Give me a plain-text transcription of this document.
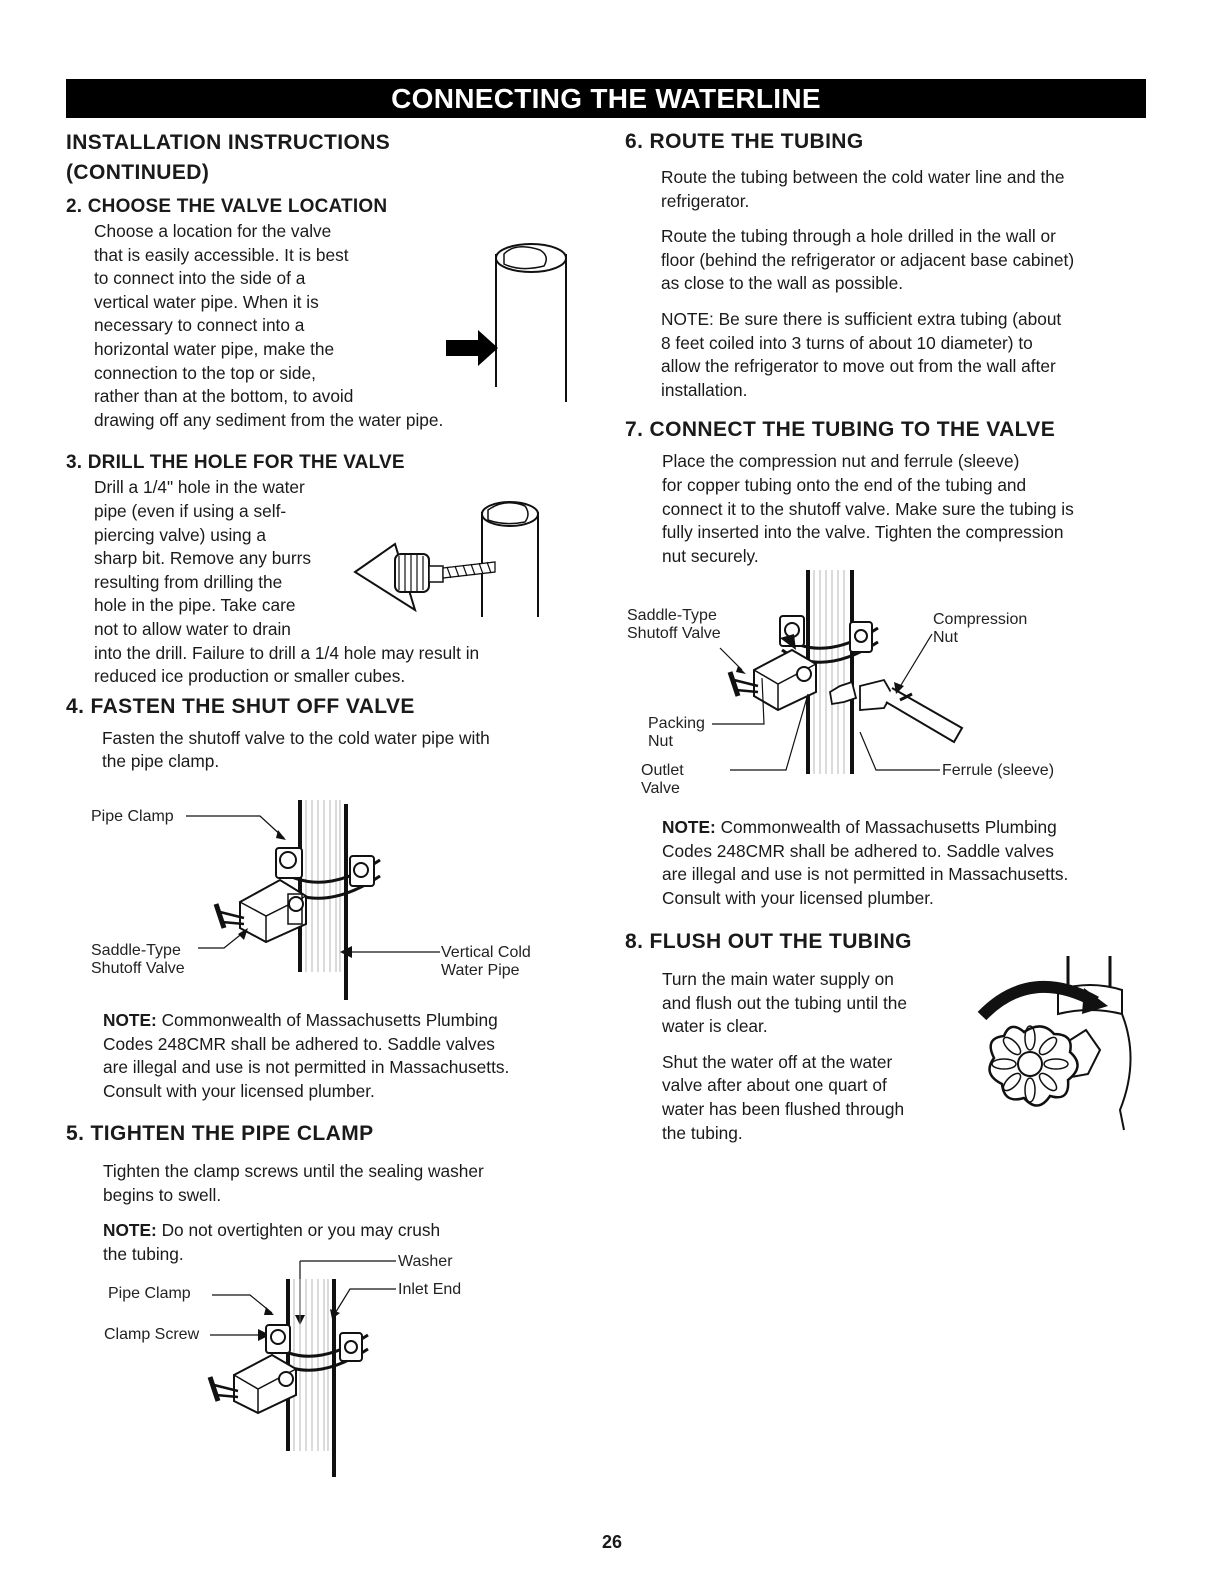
CONNECTING THE WATERLINE
INSTALLATION INSTRUCTIONS
(CONTINUED)
2. CHOOSE THE VALVE LOCATION

Choose a location for the valve

that is easily accessible. It is best

to connect into the side of a

vertical water pipe. When it is

necessary to connect into a

horizontal water pipe, make the

connection to the top or side,

rather than at the bottom, to avoid

drawing off any sediment from the water pipe.

3. DRILL THE HOLE FOR THE VALVE

Drill a 1/4" hole in the water

pipe (even if using a self-

piercing valve) using a

sharp bit. Remove any burrs

resulting from drilling the

hole in the pipe. Take care

not to allow water to drain

into the drill. Failure to drill a 1/4 hole may result in

reduced ice production or smaller cubes.

4. FASTEN THE SHUT OFF VALVE

Fasten the shutoff valve to the cold water pipe with

the pipe clamp.

Pipe Clamp
Saddle-Type
Shutoff Valve
Vertical Cold
Water Pipe

NOTE: Commonwealth of Massachusetts Plumbing

Codes 248CMR shall be adhered to. Saddle valves

are illegal and use is not permitted in Massachusetts.

Consult with your licensed plumber.

5. TIGHTEN THE PIPE CLAMP

Tighten the clamp screws until the sealing washer

begins to swell.

NOTE: Do not overtighten or you may crush

the tubing.	Washer
Inlet End
Pipe Clamp
Clamp Screw
6. ROUTE THE TUBING

Route the tubing between the cold water line and the

refrigerator.

Route the tubing through a hole drilled in the wall or

floor (behind the refrigerator or adjacent base cabinet)

as close to the wall as possible.

NOTE: Be sure there is sufficient extra tubing (about

8 feet coiled into 3 turns of about 10 diameter) to

allow the refrigerator to move out from the wall after

installation.

7. CONNECT THE TUBING TO THE VALVE

Place the compression nut and ferrule (sleeve)

for copper tubing onto the end of the tubing and

connect it to the shutoff valve. Make sure the tubing is

fully inserted into the valve. Tighten the compression

nut securely.

Saddle-Type
Shutoff Valve
Compression
Nut
Packing
Nut
Outlet
Valve
Ferrule (sleeve)

NOTE: Commonwealth of Massachusetts Plumbing

Codes 248CMR shall be adhered to. Saddle valves

are illegal and use is not permitted in Massachusetts.

Consult with your licensed plumber.

8. FLUSH OUT THE TUBING

Turn the main water supply on

and flush out the tubing until the

water is clear.

Shut the water off at the water

valve after about one quart of

water has been flushed through

the tubing.

26
